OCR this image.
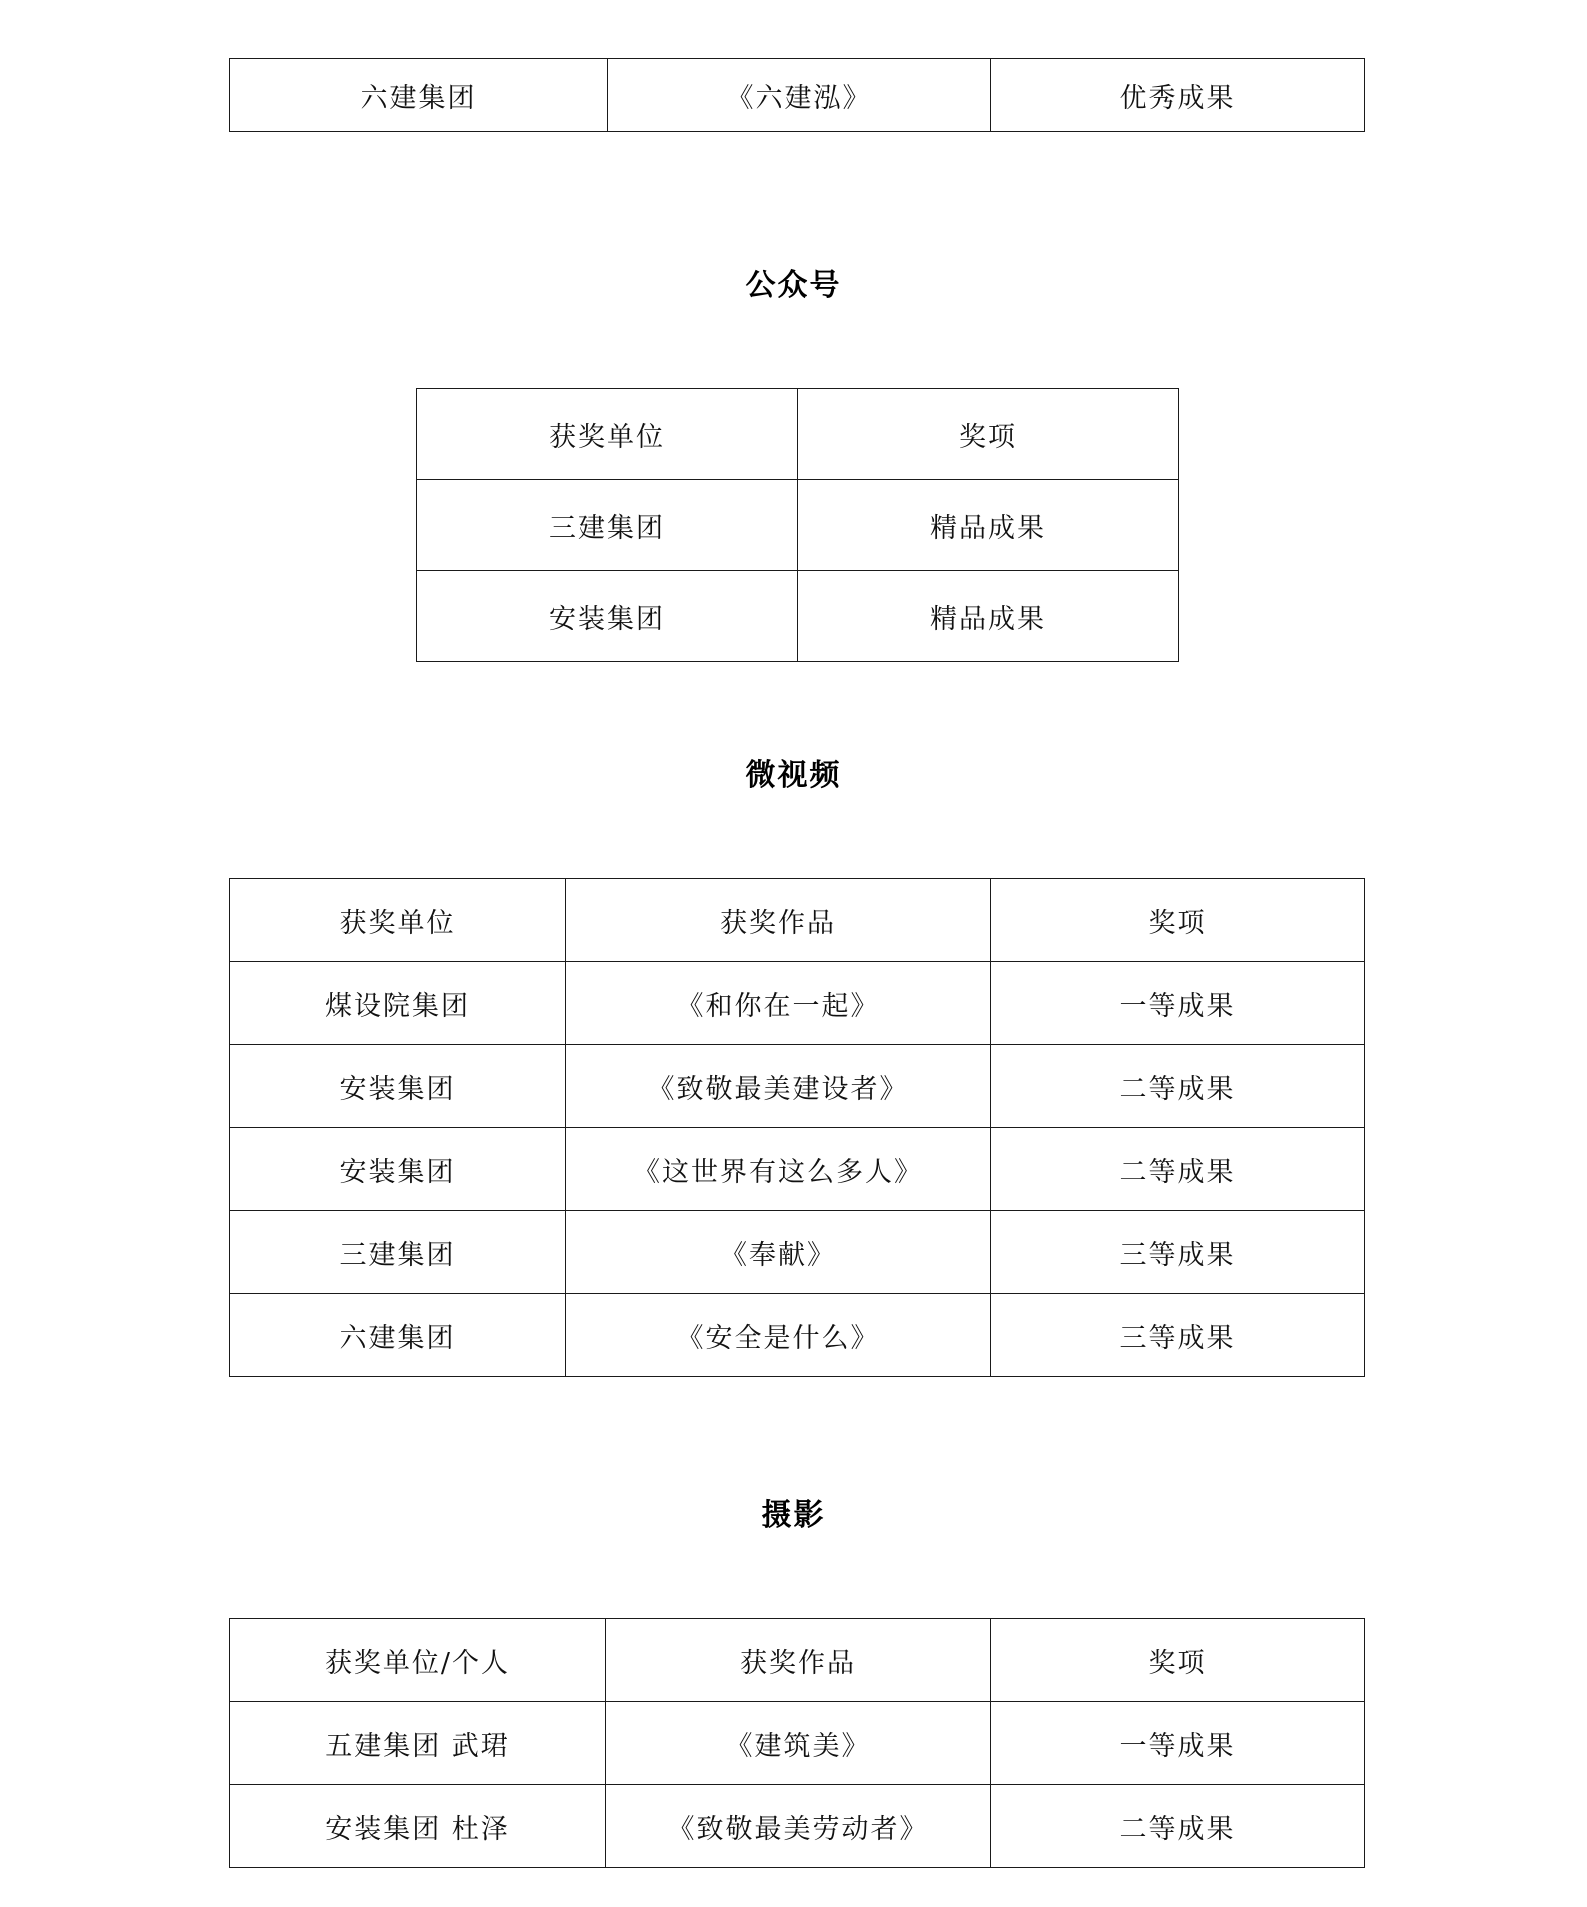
六建集团	《六建泓》	优秀成果
公众号
获奖单位	奖项
三建集团	精品成果
安装集团	精品成果
微视频
获奖单位	获奖作品	奖项
煤设院集团	《和你在一起》	一等成果
安装集团	《致敬最美建设者》	二等成果
安装集团	《这世界有这么多人》	二等成果
三建集团	《奉献》	三等成果
六建集团	《安全是什么》	三等成果
摄影
获奖单位/个人	获奖作品	奖项
五建集团 武珺	《建筑美》	一等成果
安装集团 杜泽	《致敬最美劳动者》	二等成果
